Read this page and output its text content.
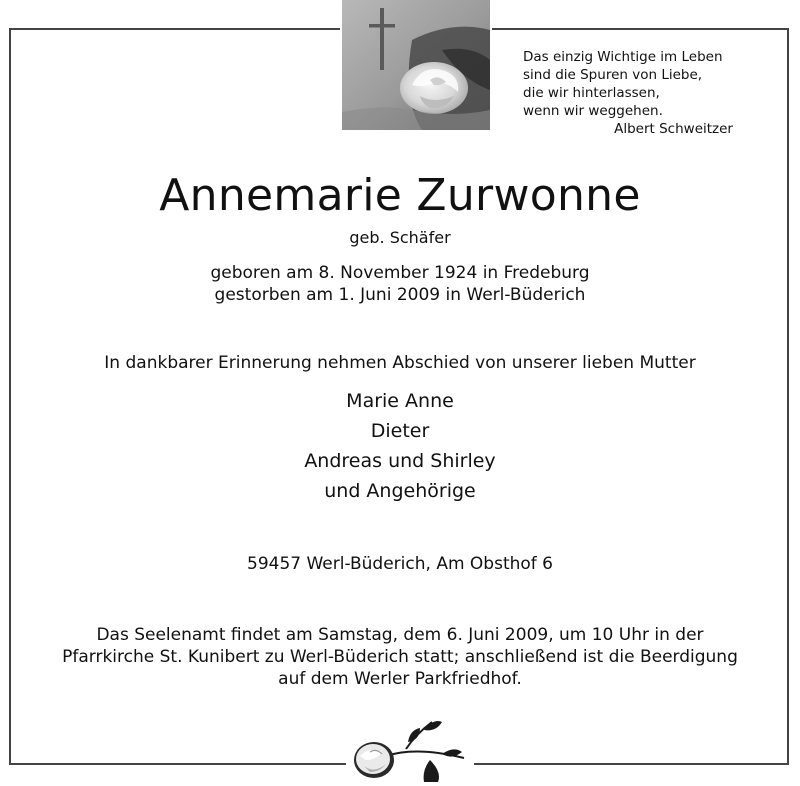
Das einzig Wichtige im Leben
sind die Spuren von Liebe,
die wir hinterlassen,
wenn wir weggehen.
Albert Schweitzer
Annemarie Zurwonne
geb. Schäfer
geboren am 8. November 1924 in Fredeburg
gestorben am 1. Juni 2009 in Werl-Büderich
In dankbarer Erinnerung nehmen Abschied von unserer lieben Mutter
Marie Anne
Dieter
Andreas und Shirley
und Angehörige
59457 Werl-Büderich, Am Obsthof 6
Das Seelenamt findet am Samstag, dem 6. Juni 2009, um 10 Uhr in der
Pfarrkirche St. Kunibert zu Werl-Büderich statt; anschließend ist die Beerdigung
auf dem Werler Parkfriedhof.
